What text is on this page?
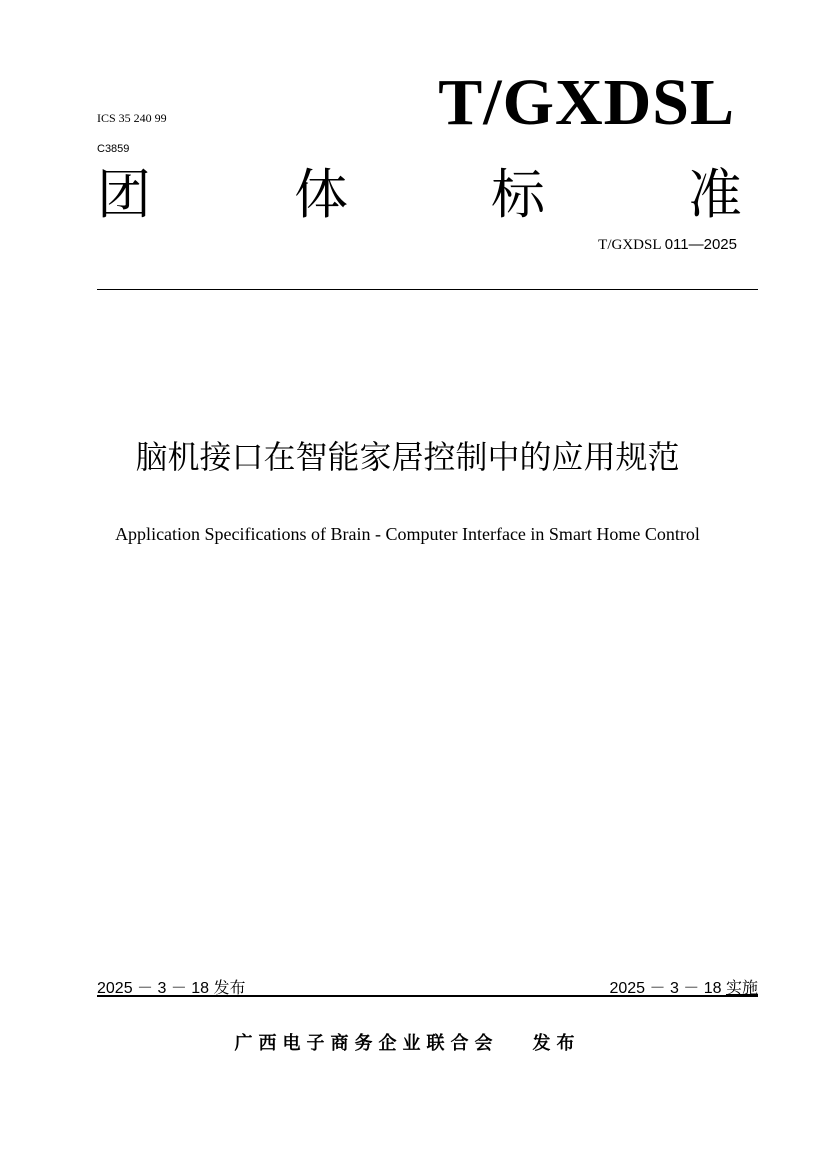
ICS 35 240 99
C3859
T/GXDSL
团	体	标	准
T/GXDSL 011—2025
脑机接口在智能家居控制中的应用规范
Application Specifications of Brain - Computer Interface in Smart Home Control
2025 － 3 － 18 发布	2025 － 3 － 18 实施
广西电子商务企业联合会 发布
